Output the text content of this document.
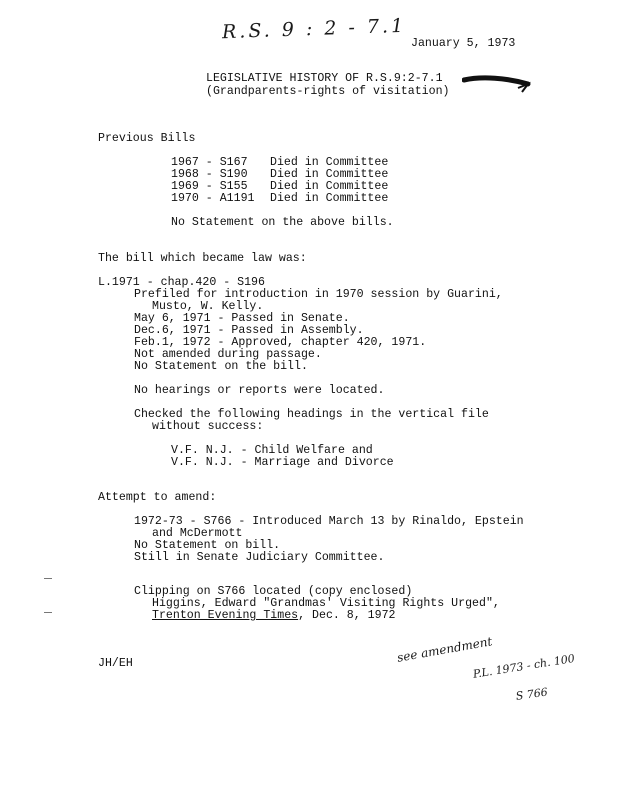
R.S. 9 : 2 - 7.1
January 5, 1973
LEGISLATIVE HISTORY OF R.S.9:2-7.1
(Grandparents-rights of visitation)
Previous Bills
1967 - S167 Died in Committee
1968 - S190 Died in Committee
1969 - S155 Died in Committee
1970 - A1191 Died in Committee
No Statement on the above bills.
The bill which became law was:
L.1971 - chap.420 - S196
Prefiled for introduction in 1970 session by Guarini,
Musto, W. Kelly.
May 6, 1971 - Passed in Senate.
Dec.6, 1971 - Passed in Assembly.
Feb.1, 1972 - Approved, chapter 420, 1971.
Not amended during passage.
No Statement on the bill.
No hearings or reports were located.
Checked the following headings in the vertical file
without success:
V.F. N.J. - Child Welfare and
V.F. N.J. - Marriage and Divorce
Attempt to amend:
1972-73 - S766 - Introduced March 13 by Rinaldo, Epstein
and McDermott
No Statement on bill.
Still in Senate Judiciary Committee.
Clipping on S766 located (copy enclosed)
Higgins, Edward "Grandmas' Visiting Rights Urged",
Trenton Evening Times, Dec. 8, 1972
JH/EH	see amendment
P.L. 1973 - ch. 100
S 766
